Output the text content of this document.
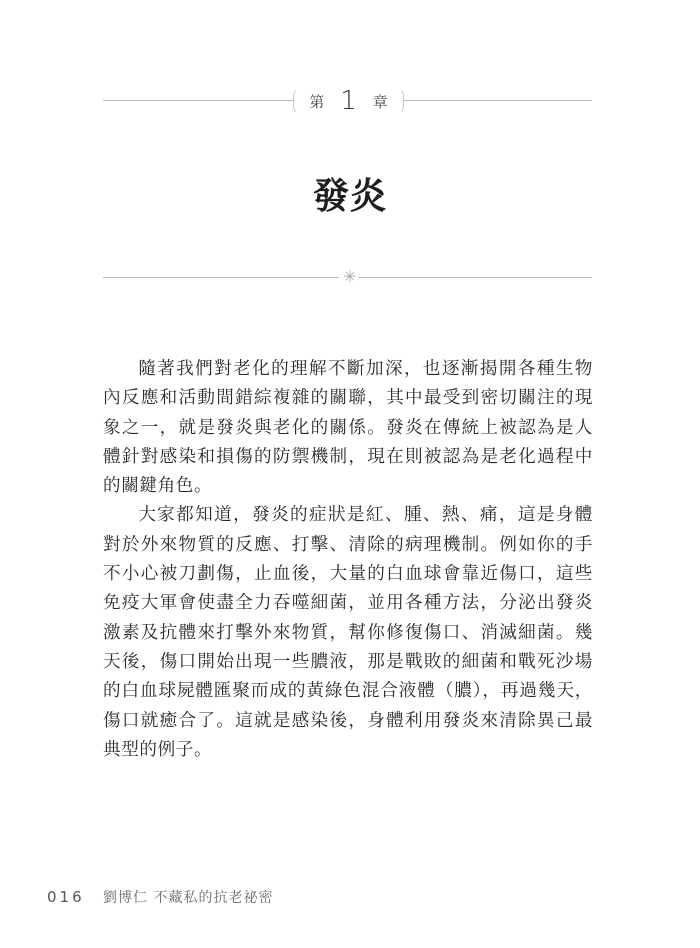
第 1 章
發炎
✳

隨著我們對老化的理解不斷加深，也逐漸揭開各種生物內反應和活動間錯綜複雜的關聯，其中最受到密切關注的現象之一，就是發炎與老化的關係。發炎在傳統上被認為是人體針對感染和損傷的防禦機制，現在則被認為是老化過程中的關鍵角色。

大家都知道，發炎的症狀是紅、腫、熱、痛，這是身體對於外來物質的反應、打擊、清除的病理機制。例如你的手不小心被刀劃傷，止血後，大量的白血球會靠近傷口，這些免疫大軍會使盡全力吞噬細菌，並用各種方法，分泌出發炎激素及抗體來打擊外來物質，幫你修復傷口、消滅細菌。幾天後，傷口開始出現一些膿液，那是戰敗的細菌和戰死沙場的白血球屍體匯聚而成的黃綠色混合液體（膿），再過幾天，傷口就癒合了。這就是感染後，身體利用發炎來清除異己最典型的例子。

016	劉博仁 不藏私的抗老祕密
